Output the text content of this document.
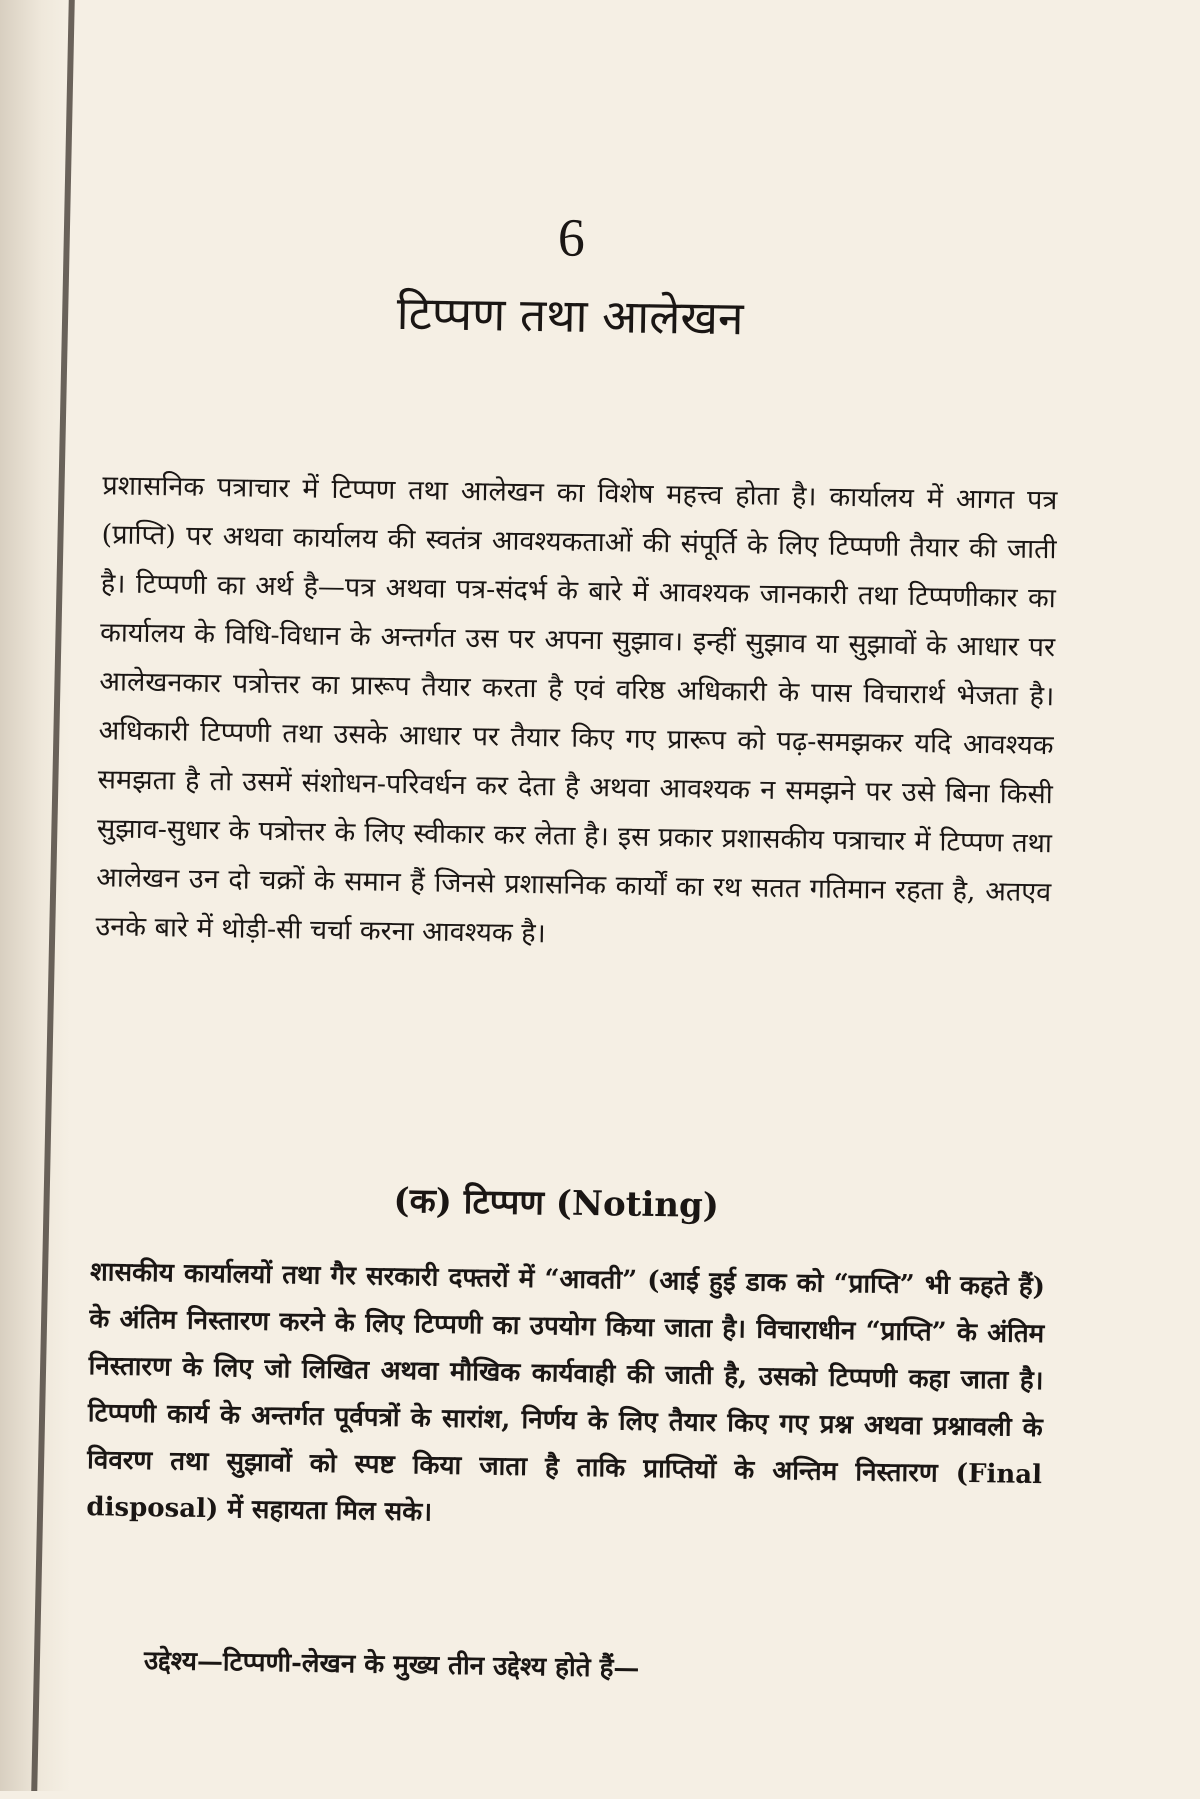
6
टिप्पण तथा आलेखन

प्रशासनिक पत्राचार में टिप्पण तथा आलेखन का विशेष महत्त्व होता है। कार्यालय में आगत पत्र (प्राप्ति) पर अथवा कार्यालय की स्वतंत्र आवश्यकताओं की संपूर्ति के लिए टिप्पणी तैयार की जाती है। टिप्पणी का अर्थ है—पत्र अथवा पत्र-संदर्भ के बारे में आवश्यक जानकारी तथा टिप्पणीकार का कार्यालय के विधि-विधान के अन्तर्गत उस पर अपना सुझाव। इन्हीं सुझाव या सुझावों के आधार पर आलेखनकार पत्रोत्तर का प्रारूप तैयार करता है एवं वरिष्ठ अधिकारी के पास विचारार्थ भेजता है। अधिकारी टिप्पणी तथा उसके आधार पर तैयार किए गए प्रारूप को पढ़-समझकर यदि आवश्यक समझता है तो उसमें संशोधन-परिवर्धन कर देता है अथवा आवश्यक न समझने पर उसे बिना किसी सुझाव-सुधार के पत्रोत्तर के लिए स्वीकार कर लेता है। इस प्रकार प्रशासकीय पत्राचार में टिप्पण तथा आलेखन उन दो चक्रों के समान हैं जिनसे प्रशासनिक कार्यों का रथ सतत गतिमान रहता है, अतएव उनके बारे में थोड़ी-सी चर्चा करना आवश्यक है।

(क) टिप्पण (Noting)

शासकीय कार्यालयों तथा गैर सरकारी दफ्तरों में “आवती” (आई हुई डाक को “प्राप्ति” भी कहते हैं) के अंतिम निस्तारण करने के लिए टिप्पणी का उपयोग किया जाता है। विचाराधीन “प्राप्ति” के अंतिम निस्तारण के लिए जो लिखित अथवा मौखिक कार्यवाही की जाती है, उसको टिप्पणी कहा जाता है। टिप्पणी कार्य के अन्तर्गत पूर्वपत्रों के सारांश, निर्णय के लिए तैयार किए गए प्रश्न अथवा प्रश्नावली के विवरण तथा सुझावों को स्पष्ट किया जाता है ताकि प्राप्तियों के अन्तिम निस्तारण (Final disposal) में सहायता मिल सके।

उद्देश्य—टिप्पणी-लेखन के मुख्य तीन उद्देश्य होते हैं—
